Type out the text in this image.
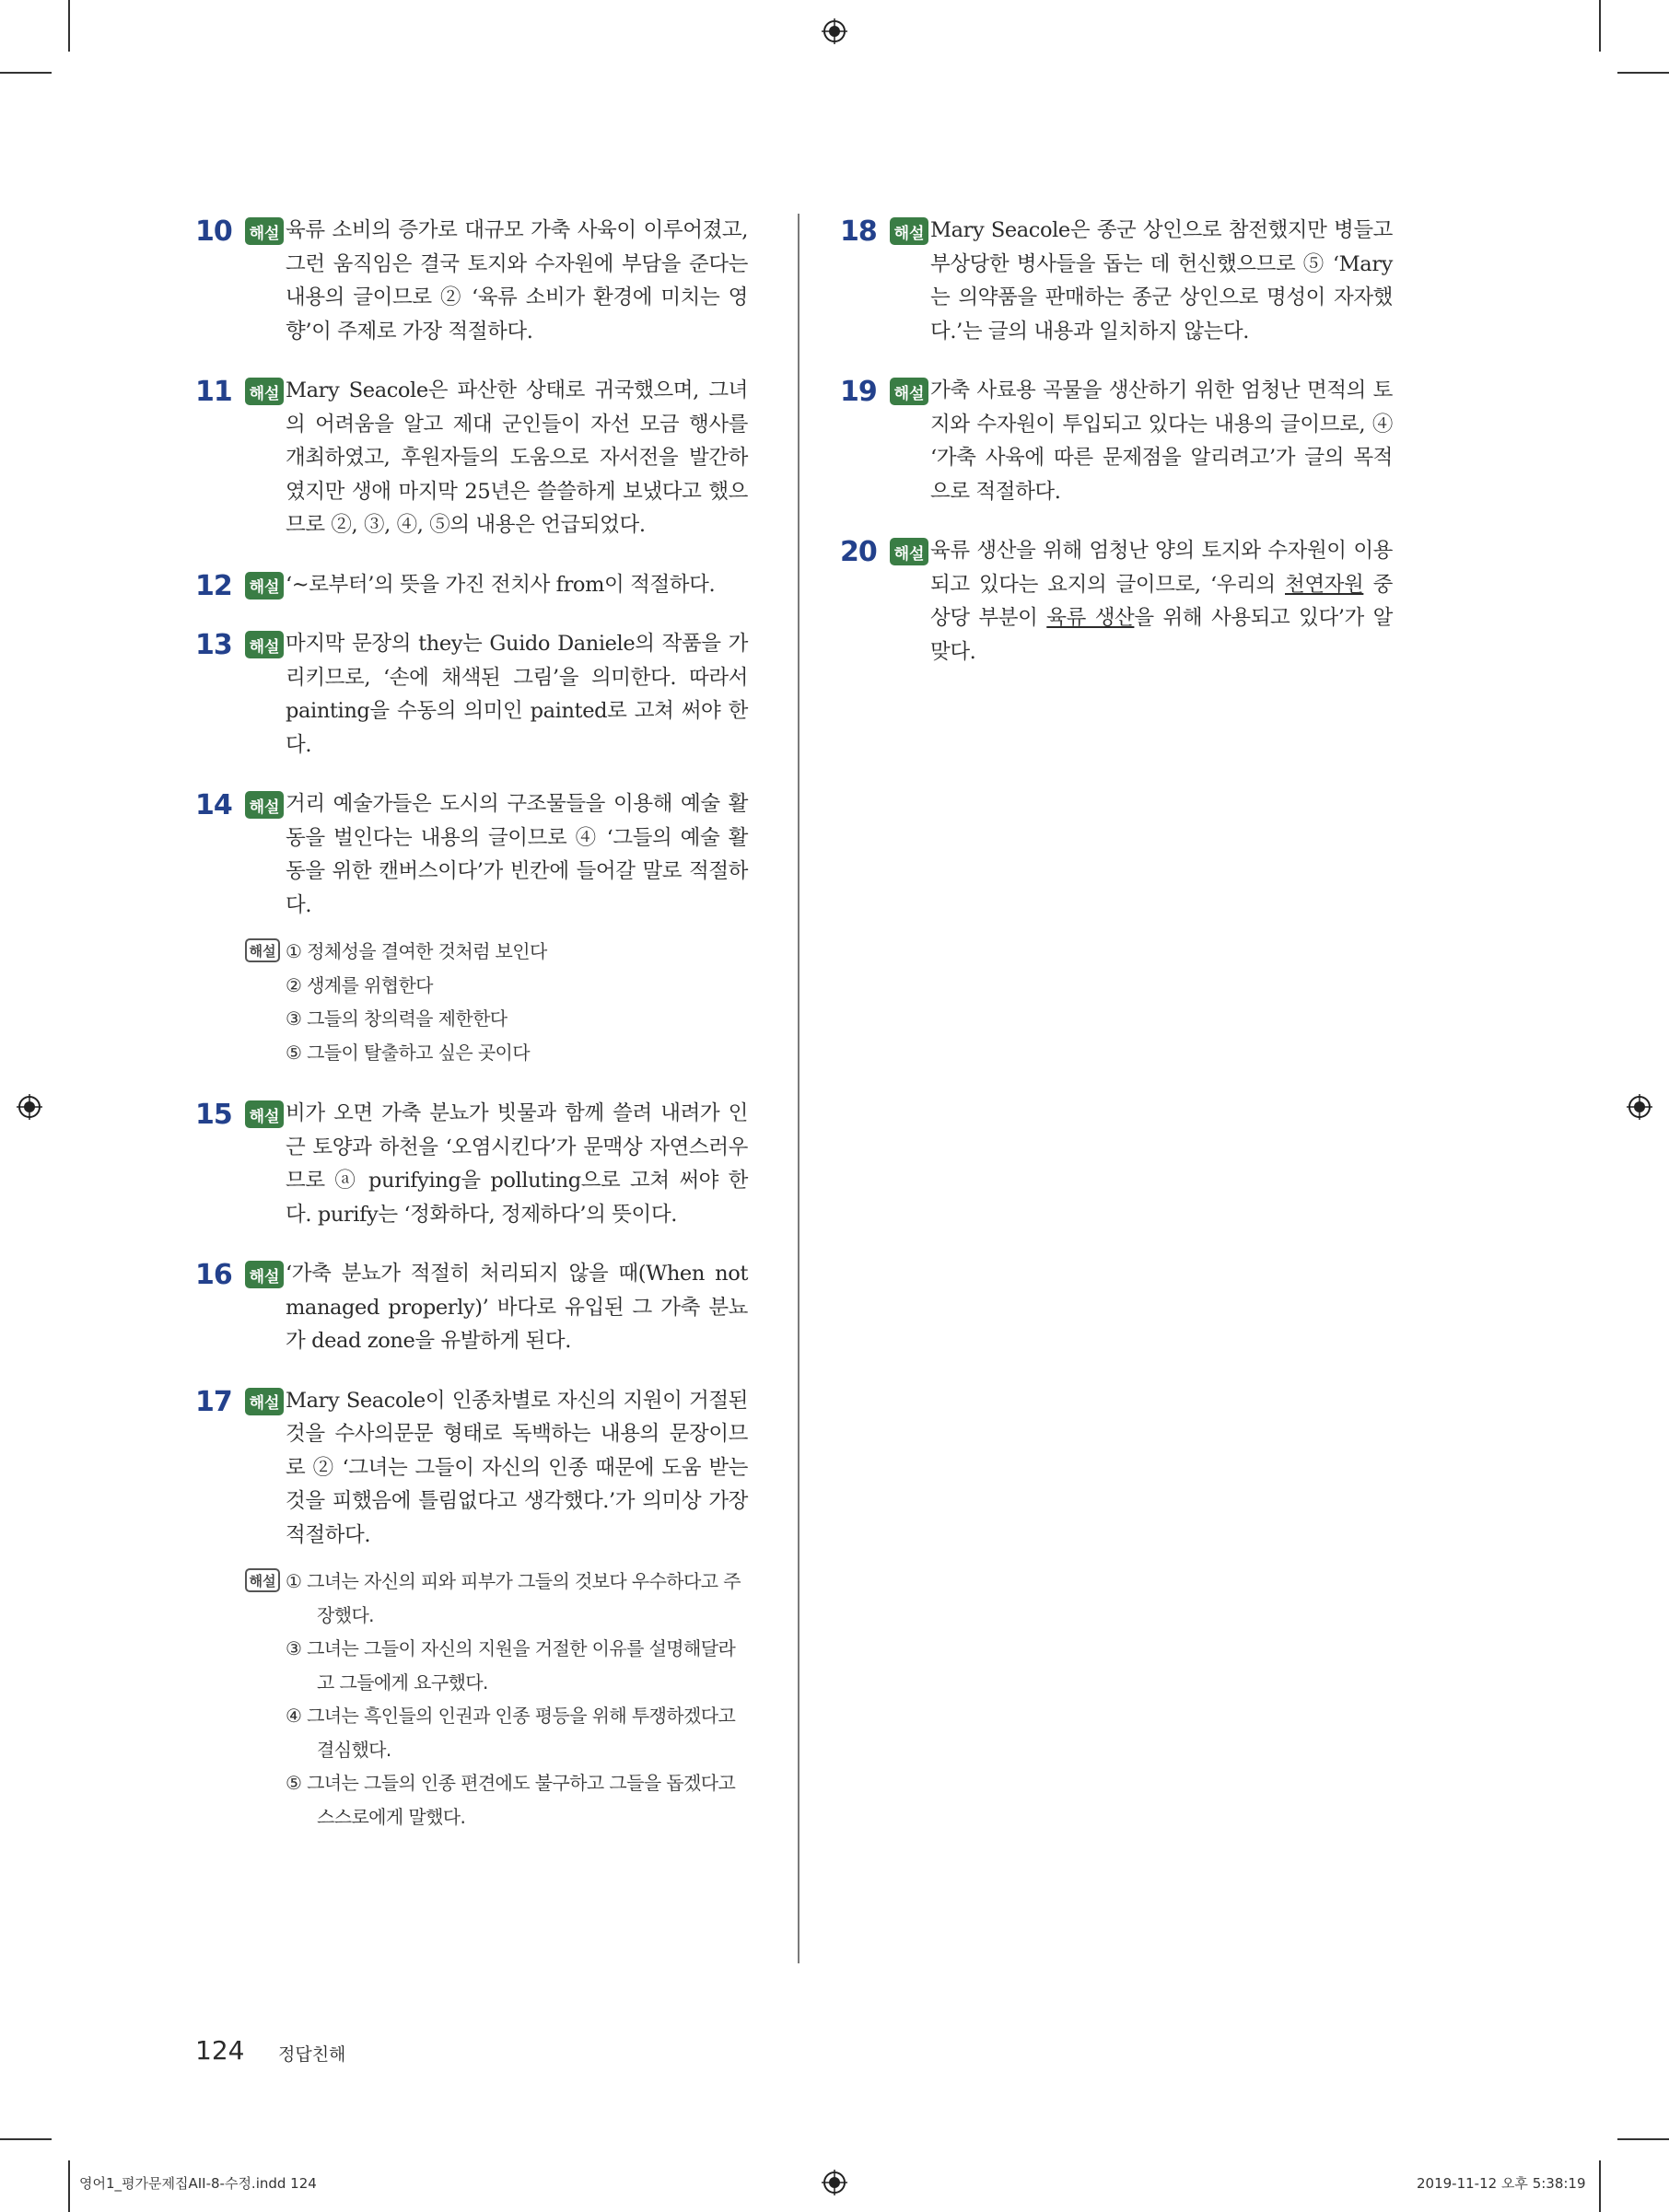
10 해설 육류 소비의 증가로 대규모 가축 사육이 이루어졌고, 그런 움직임은 결국 토지와 수자원에 부담을 준다는 내용의 글이므로 ② ‘육류 소비가 환경에 미치는 영향’이 주제로 가장 적절하다.
11 해설 Mary Seacole은 파산한 상태로 귀국했으며, 그녀의 어려움을 알고 제대 군인들이 자선 모금 행사를 개최하였고, 후원자들의 도움으로 자서전을 발간하였지만 생애 마지막 25년은 쓸쓸하게 보냈다고 했으므로 ②, ③, ④, ⑤의 내용은 언급되었다.
12 해설 ‘~로부터’의 뜻을 가진 전치사 from이 적절하다.
13 해설 마지막 문장의 they는 Guido Daniele의 작품을 가리키므로, ‘손에 채색된 그림’을 의미한다. 따라서 painting을 수동의 의미인 painted로 고쳐 써야 한다.
14 해설 거리 예술가들은 도시의 구조물들을 이용해 예술 활동을 벌인다는 내용의 글이므로 ④ ‘그들의 예술 활동을 위한 캔버스이다’가 빈칸에 들어갈 말로 적절하다.
해설 ① 정체성을 결여한 것처럼 보인다
② 생계를 위협한다
③ 그들의 창의력을 제한한다
⑤ 그들이 탈출하고 싶은 곳이다
15 해설 비가 오면 가축 분뇨가 빗물과 함께 쓸려 내려가 인근 토양과 하천을 ‘오염시킨다’가 문맥상 자연스러우므로 ⓐ purifying을 polluting으로 고쳐 써야 한다. purify는 ‘정화하다, 정제하다’의 뜻이다.
16 해설 ‘가축 분뇨가 적절히 처리되지 않을 때(When not managed properly)’ 바다로 유입된 그 가축 분뇨가 dead zone을 유발하게 된다.
17 해설 Mary Seacole이 인종차별로 자신의 지원이 거절된 것을 수사의문문 형태로 독백하는 내용의 문장이므로 ② ‘그녀는 그들이 자신의 인종 때문에 도움 받는 것을 피했음에 틀림없다고 생각했다.’가 의미상 가장 적절하다.
해설 ① 그녀는 자신의 피와 피부가 그들의 것보다 우수하다고 주장했다.
③ 그녀는 그들이 자신의 지원을 거절한 이유를 설명해달라고 그들에게 요구했다.
④ 그녀는 흑인들의 인권과 인종 평등을 위해 투쟁하겠다고 결심했다.
⑤ 그녀는 그들의 인종 편견에도 불구하고 그들을 돕겠다고 스스로에게 말했다.
18 해설 Mary Seacole은 종군 상인으로 참전했지만 병들고 부상당한 병사들을 돕는 데 헌신했으므로 ⑤ ‘Mary는 의약품을 판매하는 종군 상인으로 명성이 자자했다.’는 글의 내용과 일치하지 않는다.
19 해설 가축 사료용 곡물을 생산하기 위한 엄청난 면적의 토지와 수자원이 투입되고 있다는 내용의 글이므로, ④ ‘가축 사육에 따른 문제점을 알리려고’가 글의 목적으로 적절하다.
20 해설 육류 생산을 위해 엄청난 양의 토지와 수자원이 이용되고 있다는 요지의 글이므로, ‘우리의 천연자원 중 상당 부분이 육류 생산을 위해 사용되고 있다’가 알맞다.
124 정답친해
영어1_평가문제집AII-8-수정.indd 124	2019-11-12 오후 5:38:19
